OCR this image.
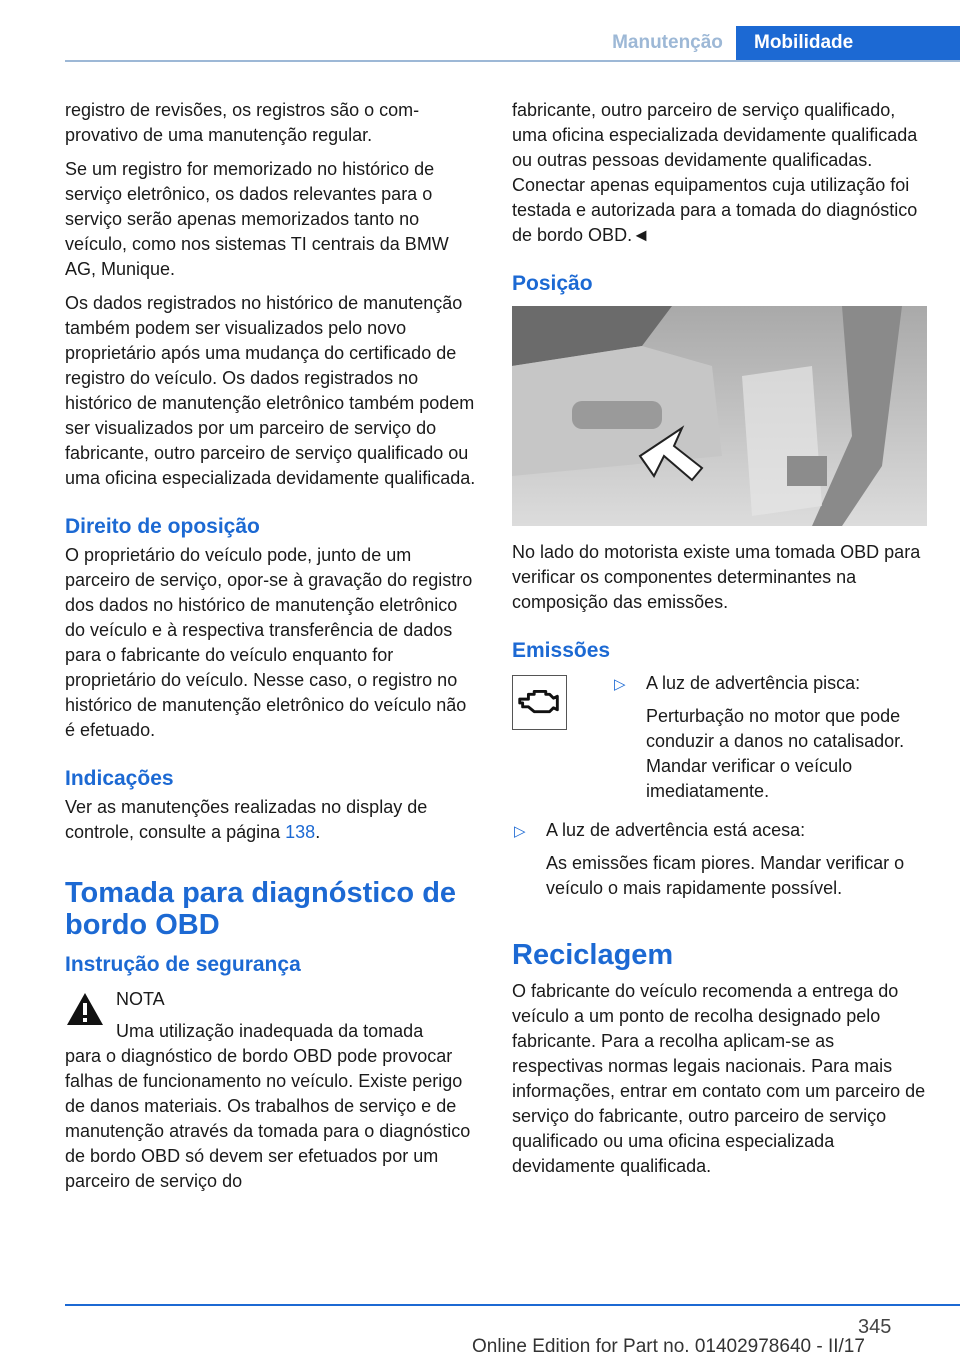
Manutenção	Mobilidade

registro de revisões, os registros são o comprovativo de uma manutenção regular.

Se um registro for memorizado no histórico de serviço eletrônico, os dados relevantes para o serviço serão apenas memorizados tanto no veículo, como nos sistemas TI centrais da BMW AG, Munique.

Os dados registrados no histórico de manutenção também podem ser visualizados pelo novo proprietário após uma mudança do certificado de registro do veículo. Os dados registrados no histórico de manutenção eletrônico também podem ser visualizados por um parceiro de serviço do fabricante, outro parceiro de serviço qualificado ou uma oficina especializada devidamente qualificada.

Direito de oposição

O proprietário do veículo pode, junto de um parceiro de serviço, opor-se à gravação do registro dos dados no histórico de manutenção eletrônico do veículo e à respectiva transferência de dados para o fabricante do veículo enquanto for proprietário do veículo. Nesse caso, o registro no histórico de manutenção eletrônico do veículo não é efetuado.

Indicações

Ver as manutenções realizadas no display de controle, consulte a página 138.

Tomada para diagnóstico de bordo OBD
Instrução de segurança
NOTA
Uma utilização inadequada da tomada

para o diagnóstico de bordo OBD pode provocar falhas de funcionamento no veículo. Existe perigo de danos materiais. Os trabalhos de serviço e de manutenção através da tomada para o diagnóstico de bordo OBD só devem ser efetuados por um parceiro de serviço do

fabricante, outro parceiro de serviço qualificado, uma oficina especializada devidamente qualificada ou outras pessoas devidamente qualificadas. Conectar apenas equipamentos cuja utilização foi testada e autorizada para a tomada do diagnóstico de bordo OBD.◄

Posição

No lado do motorista existe uma tomada OBD para verificar os componentes determinantes na composição das emissões.

Emissões
▷ A luz de advertência pisca:
Perturbação no motor que pode conduzir a danos no catalisador. Mandar verificar o veículo imediatamente.
▷ A luz de advertência está acesa:
As emissões ficam piores. Mandar verificar o veículo o mais rapidamente possível.
Reciclagem

O fabricante do veículo recomenda a entrega do veículo a um ponto de recolha designado pelo fabricante. Para a recolha aplicam-se as respectivas normas legais nacionais. Para mais informações, entrar em contato com um parceiro de serviço do fabricante, outro parceiro de serviço qualificado ou uma oficina especializada devidamente qualificada.

345
Online Edition for Part no. 01402978640 - II/17
